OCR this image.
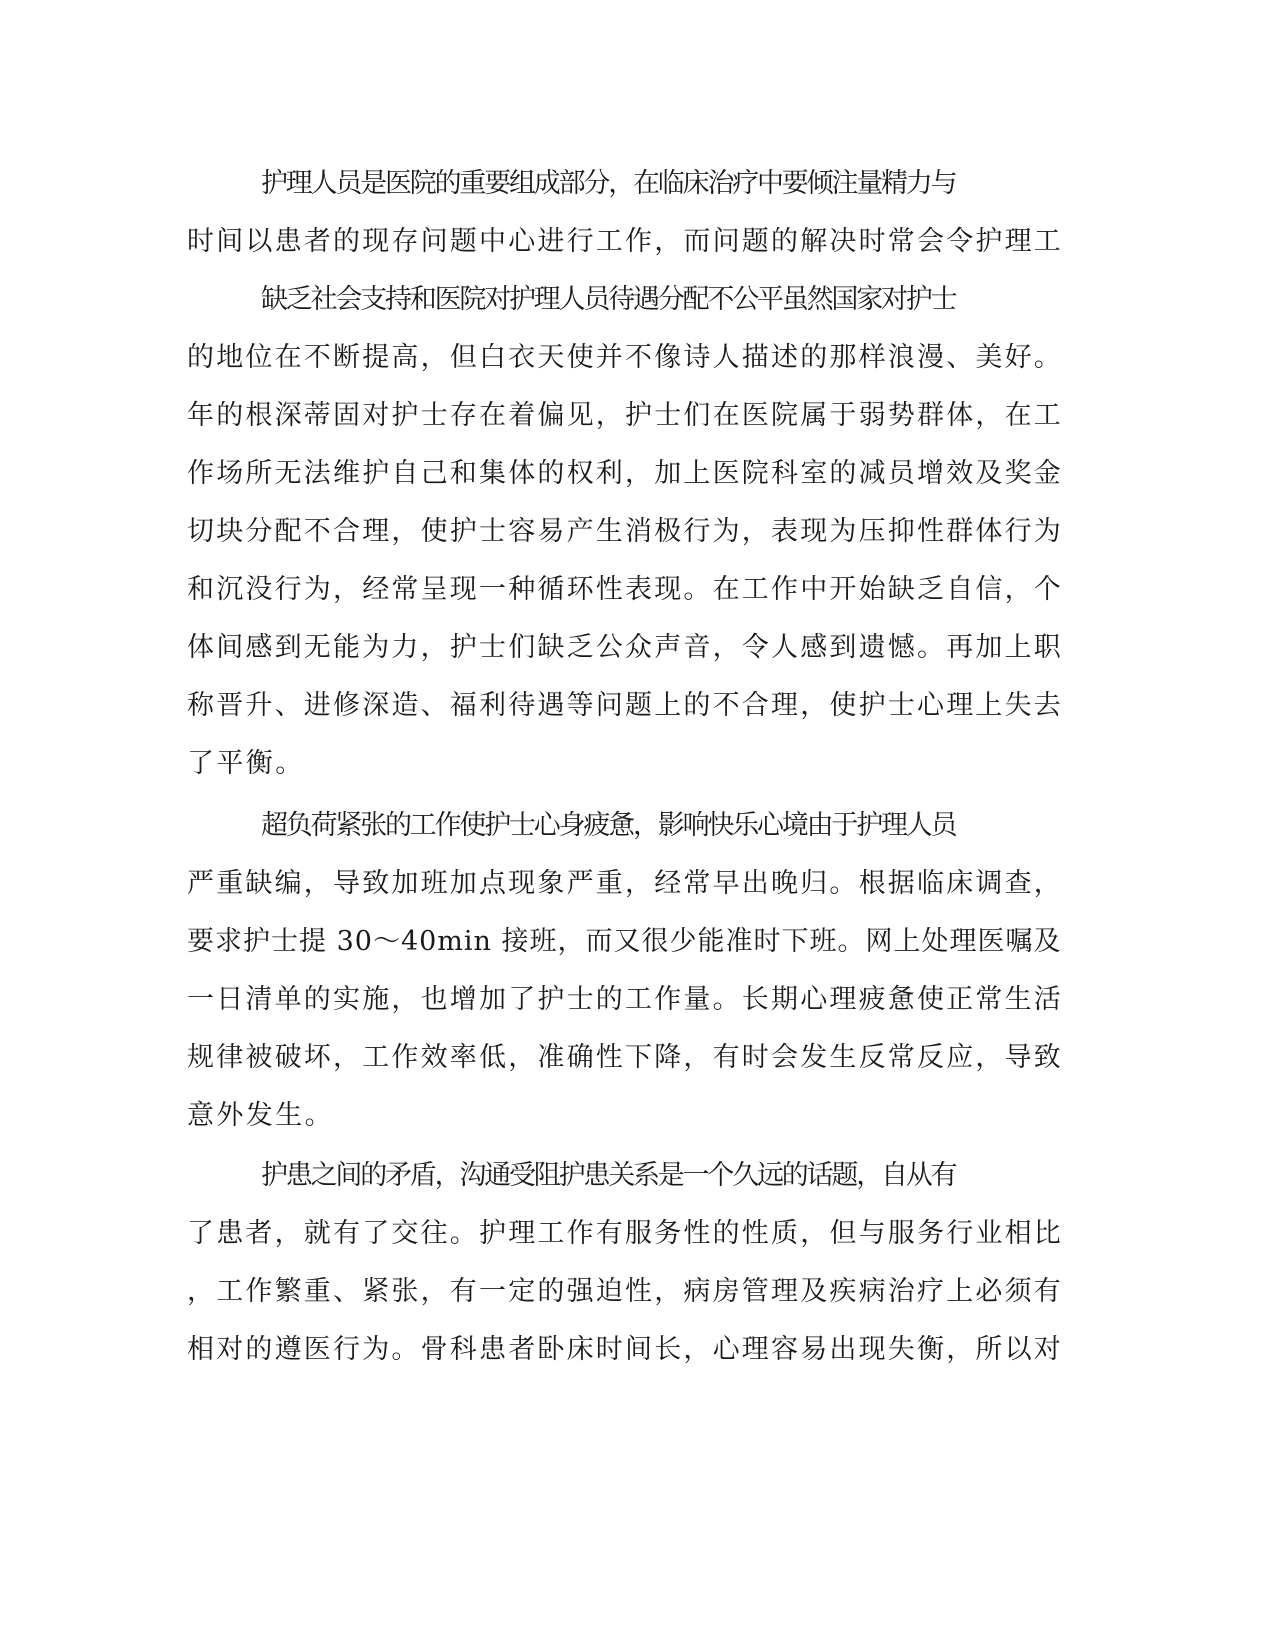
护理人员是医院的重要组成部分，在临床治疗中要倾注量精力与
时间以患者的现存问题中心进行工作，而问题的解决时常会令护理工
缺乏社会支持和医院对护理人员待遇分配不公平虽然国家对护士
的地位在不断提高，但白衣天使并不像诗人描述的那样浪漫、美好。
年的根深蒂固对护士存在着偏见，护士们在医院属于弱势群体，在工
作场所无法维护自己和集体的权利，加上医院科室的减员增效及奖金
切块分配不合理，使护士容易产生消极行为，表现为压抑性群体行为
和沉没行为，经常呈现一种循环性表现。在工作中开始缺乏自信，个
体间感到无能为力，护士们缺乏公众声音，令人感到遗憾。再加上职
称晋升、进修深造、福利待遇等问题上的不合理，使护士心理上失去
了平衡。
超负荷紧张的工作使护士心身疲惫，影响快乐心境由于护理人员
严重缺编，导致加班加点现象严重，经常早出晚归。根据临床调查，
要求护士提 30～40min 接班，而又很少能准时下班。网上处理医嘱及
一日清单的实施，也增加了护士的工作量。长期心理疲惫使正常生活
规律被破坏，工作效率低，准确性下降，有时会发生反常反应，导致
意外发生。
护患之间的矛盾，沟通受阻护患关系是一个久远的话题，自从有
了患者，就有了交往。护理工作有服务性的性质，但与服务行业相比
，工作繁重、紧张，有一定的强迫性，病房管理及疾病治疗上必须有
相对的遵医行为。骨科患者卧床时间长，心理容易出现失衡，所以对
